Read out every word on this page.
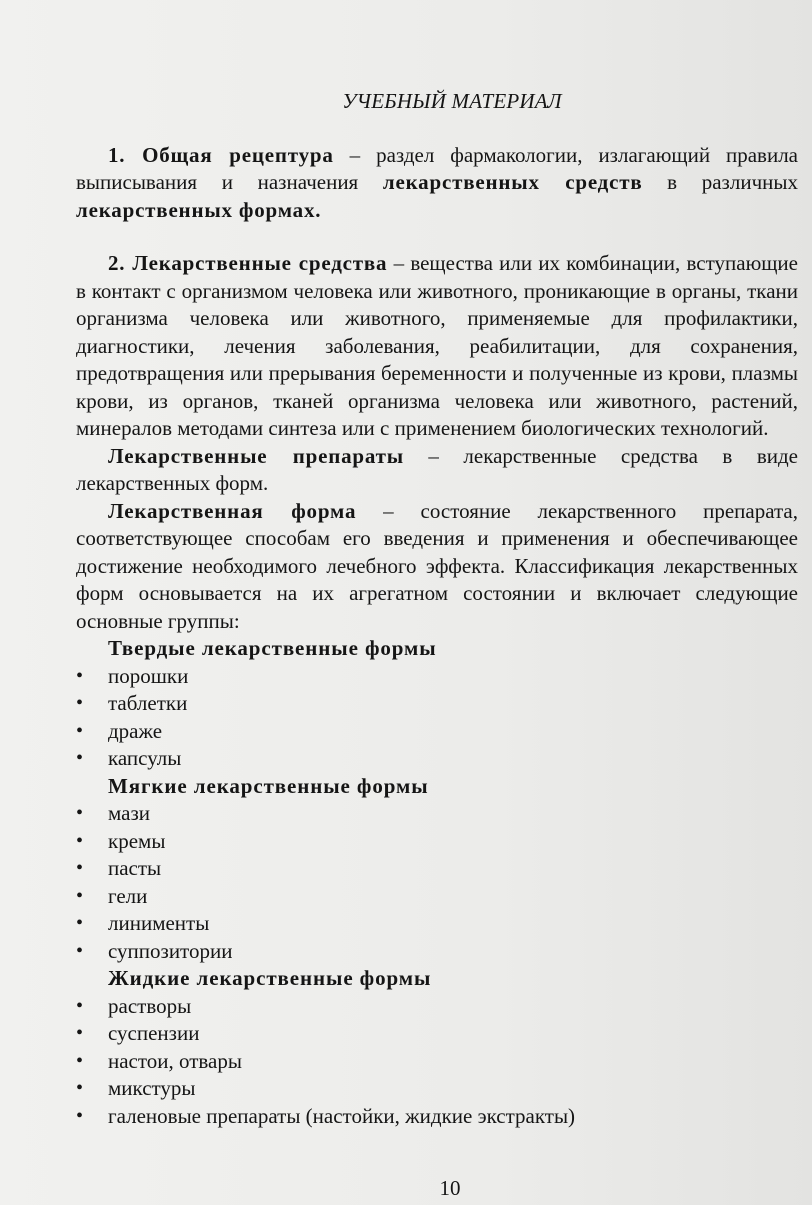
УЧЕБНЫЙ МАТЕРИАЛ

1. Общая рецептура – раздел фармакологии, излагающий правила выписывания и назначения лекарственных средств в различных лекарственных формах.

2. Лекарственные средства – вещества или их комбинации, вступающие в контакт с организмом человека или животного, проникающие в органы, ткани организма человека или животного, применяемые для профилактики, диагностики, лечения заболевания, реабилитации, для сохранения, предотвращения или прерывания беременности и полученные из крови, плазмы крови, из органов, тканей организма человека или животного, растений, минералов методами синтеза или с применением биологических технологий.

Лекарственные препараты – лекарственные средства в виде лекарственных форм.

Лекарственная форма – состояние лекарственного препарата, соответствующее способам его введения и применения и обеспечивающее достижение необходимого лечебного эффекта. Классификация лекарственных форм основывается на их агрегатном состоянии и включает следующие основные группы:

Твердые лекарственные формы
• порошки
• таблетки
• драже
• капсулы
Мягкие лекарственные формы
• мази
• кремы
• пасты
• гели
• линименты
• суппозитории
Жидкие лекарственные формы
• растворы
• суспензии
• настои, отвары
• микстуры
• галеновые препараты (настойки, жидкие экстракты)
10
